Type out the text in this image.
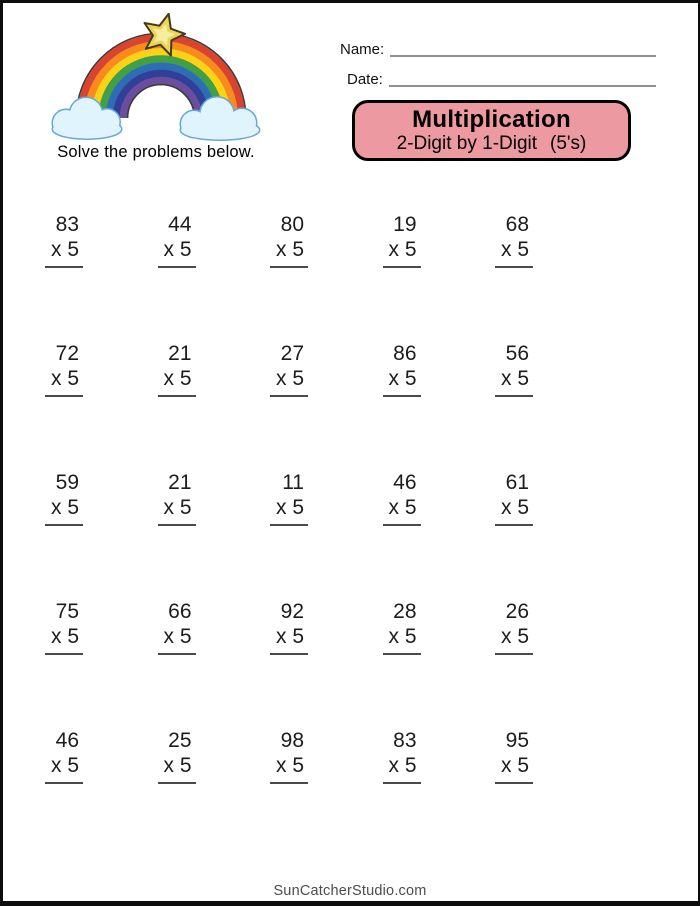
Solve the problems below.
Name:
Date:
Multiplication
2-Digit by 1-Digit (5's)
83
x 5
44
x 5
80
x 5
19
x 5
68
x 5
72
x 5
21
x 5
27
x 5
86
x 5
56
x 5
59
x 5
21
x 5
11
x 5
46
x 5
61
x 5
75
x 5
66
x 5
92
x 5
28
x 5
26
x 5
46
x 5
25
x 5
98
x 5
83
x 5
95
x 5
SunCatcherStudio.com
